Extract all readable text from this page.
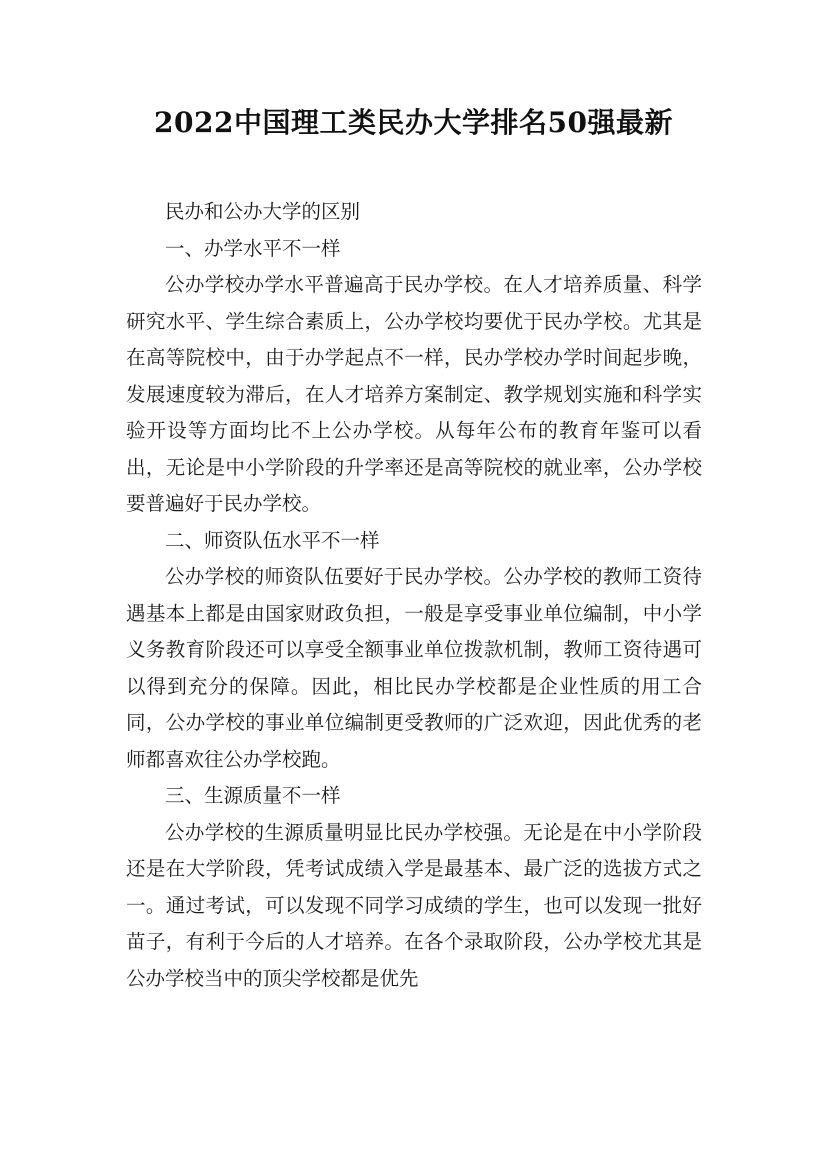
2022中国理工类民办大学排名50强最新

民办和公办大学的区别

一、办学水平不一样

公办学校办学水平普遍高于民办学校。在人才培养质量、科学研究水平、学生综合素质上，公办学校均要优于民办学校。尤其是在高等院校中，由于办学起点不一样，民办学校办学时间起步晚，发展速度较为滞后，在人才培养方案制定、教学规划实施和科学实验开设等方面均比不上公办学校。从每年公布的教育年鉴可以看出，无论是中小学阶段的升学率还是高等院校的就业率，公办学校要普遍好于民办学校。

二、师资队伍水平不一样

公办学校的师资队伍要好于民办学校。公办学校的教师工资待遇基本上都是由国家财政负担，一般是享受事业单位编制，中小学义务教育阶段还可以享受全额事业单位拨款机制，教师工资待遇可以得到充分的保障。因此，相比民办学校都是企业性质的用工合同，公办学校的事业单位编制更受教师的广泛欢迎，因此优秀的老师都喜欢往公办学校跑。

三、生源质量不一样

公办学校的生源质量明显比民办学校强。无论是在中小学阶段还是在大学阶段，凭考试成绩入学是最基本、最广泛的选拔方式之一。通过考试，可以发现不同学习成绩的学生，也可以发现一批好苗子，有利于今后的人才培养。在各个录取阶段，公办学校尤其是公办学校当中的顶尖学校都是优先
